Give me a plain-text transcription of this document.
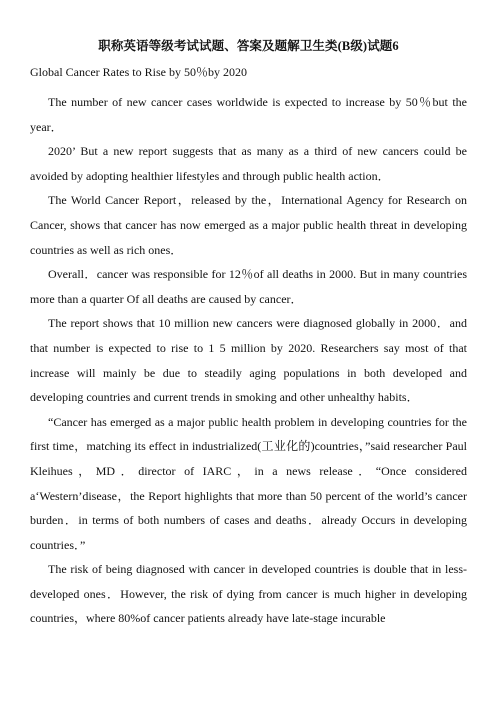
职称英语等级考试试题、答案及题解卫生类(B级)试题6
Global Cancer Rates to Rise by 50％by 2020

The number of new cancer cases worldwide is expected to increase by 50％but the year．

2020’ But a new report suggests that as many as a third of new cancers could be avoided by adopting healthier lifestyles and through public health action．

The World Cancer Report，released by the，International Agency for Research on Cancer, shows that cancer has now emerged as a major public health threat in developing countries as well as rich ones．

Overall．cancer was responsible for 12％of all deaths in 2000. But in many countries more than a quarter Of all deaths are caused by cancer．

The report shows that 10 million new cancers were diagnosed globally in 2000．and that number is expected to rise to 1 5 million by 2020. Researchers say most of that increase will mainly be due to steadily aging populations in both developed and developing countries and current trends in smoking and other unhealthy habits．

“Cancer has emerged as a major public health problem in developing countries for the first time，matching its effect in industrialized(工业化的)countries，”said researcher Paul Kleihues，MD．director of IARC，in a news release．“Once considered a‘Western’disease，the Report highlights that more than 50 percent of the world’s cancer burden．in terms of both numbers of cases and deaths．already Occurs in developing countries．”

The risk of being diagnosed with cancer in developed countries is double that in less-developed ones．However, the risk of dying from cancer is much higher in developing countries，where 80%of cancer patients already have late-stage incurable
